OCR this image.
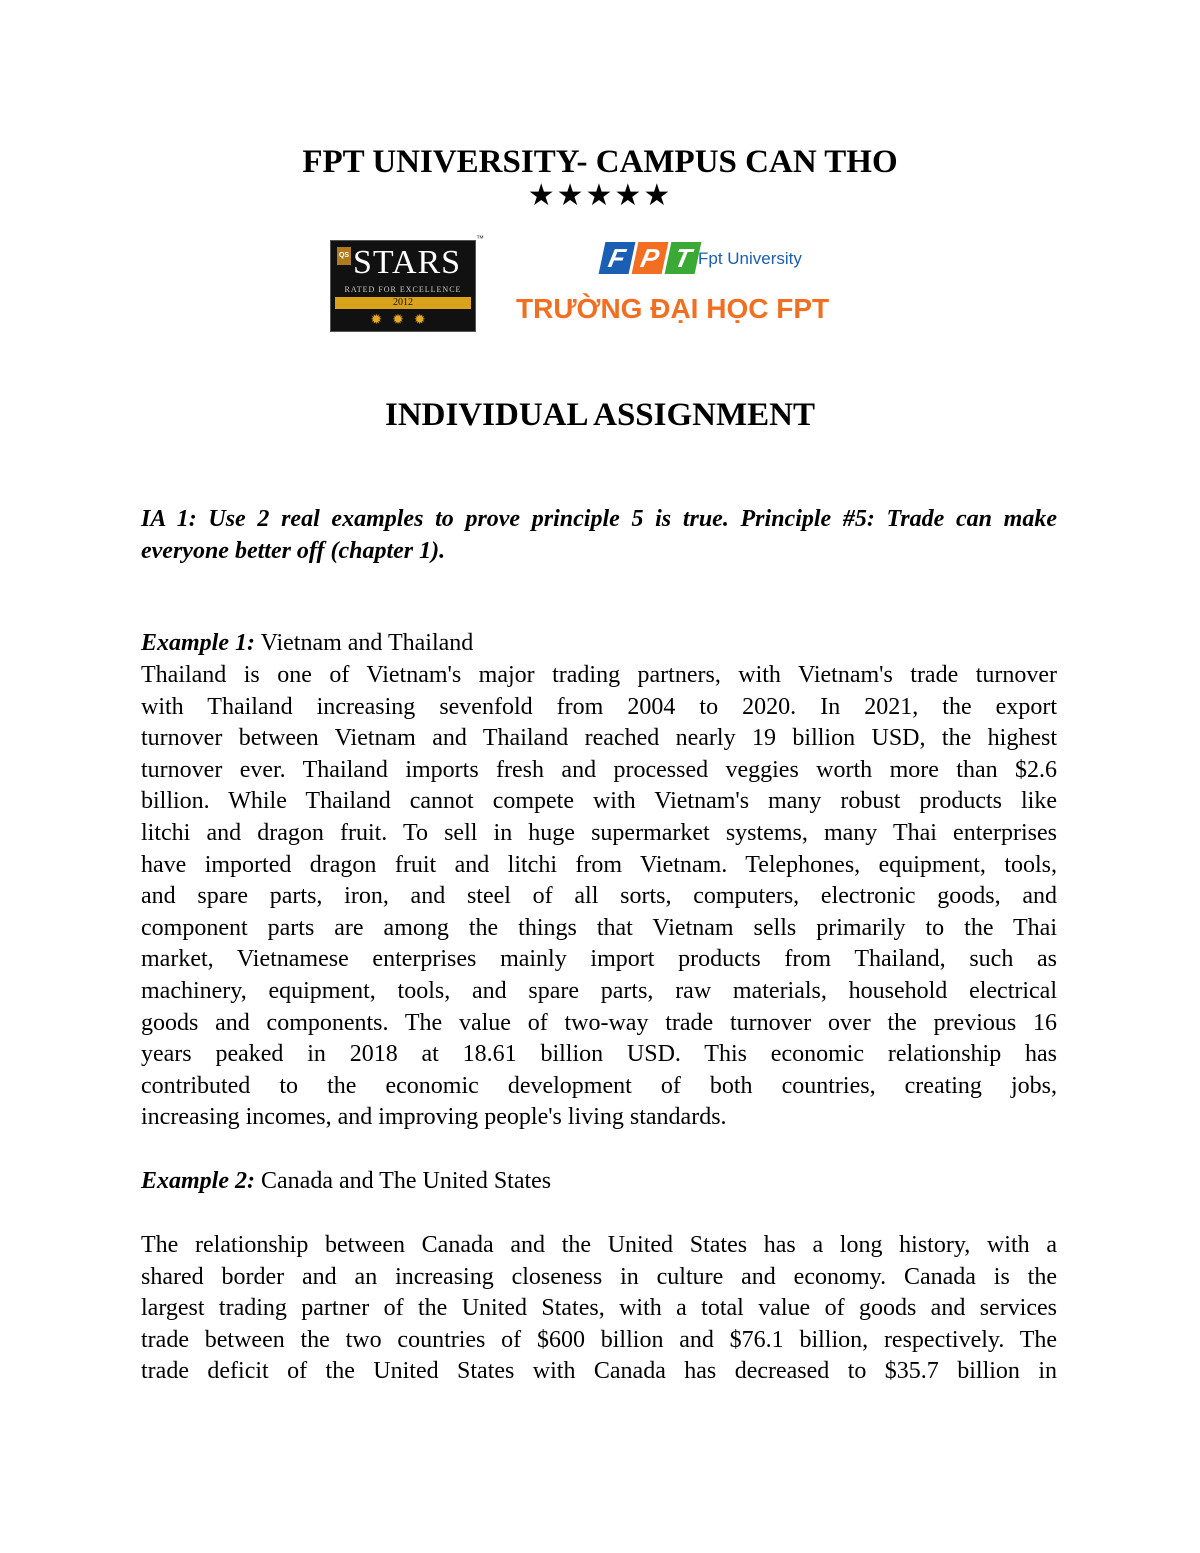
FPT UNIVERSITY- CAMPUS CAN THO
★★★★★
QS STARS
RATED FOR EXCELLENCE
2012
✹✹✹
™
F P T Fpt University
TRƯỜNG ĐẠI HỌC FPT
INDIVIDUAL ASSIGNMENT
IA 1: Use 2 real examples to prove principle 5 is true. Principle #5: Trade can make everyone better off (chapter 1).
Example 1: Vietnam and Thailand
Thailand is one of Vietnam's major trading partners, with Vietnam's trade turnover
with Thailand increasing sevenfold from 2004 to 2020. In 2021, the export
turnover between Vietnam and Thailand reached nearly 19 billion USD, the highest
turnover ever. Thailand imports fresh and processed veggies worth more than $2.6
billion. While Thailand cannot compete with Vietnam's many robust products like
litchi and dragon fruit. To sell in huge supermarket systems, many Thai enterprises
have imported dragon fruit and litchi from Vietnam. Telephones, equipment, tools,
and spare parts, iron, and steel of all sorts, computers, electronic goods, and
component parts are among the things that Vietnam sells primarily to the Thai
market, Vietnamese enterprises mainly import products from Thailand, such as
machinery, equipment, tools, and spare parts, raw materials, household electrical
goods and components. The value of two-way trade turnover over the previous 16
years peaked in 2018 at 18.61 billion USD. This economic relationship has
contributed to the economic development of both countries, creating jobs,
increasing incomes, and improving people's living standards.
Example 2: Canada and The United States
The relationship between Canada and the United States has a long history, with a
shared border and an increasing closeness in culture and economy. Canada is the
largest trading partner of the United States, with a total value of goods and services
trade between the two countries of $600 billion and $76.1 billion, respectively. The
trade deficit of the United States with Canada has decreased to $35.7 billion in
